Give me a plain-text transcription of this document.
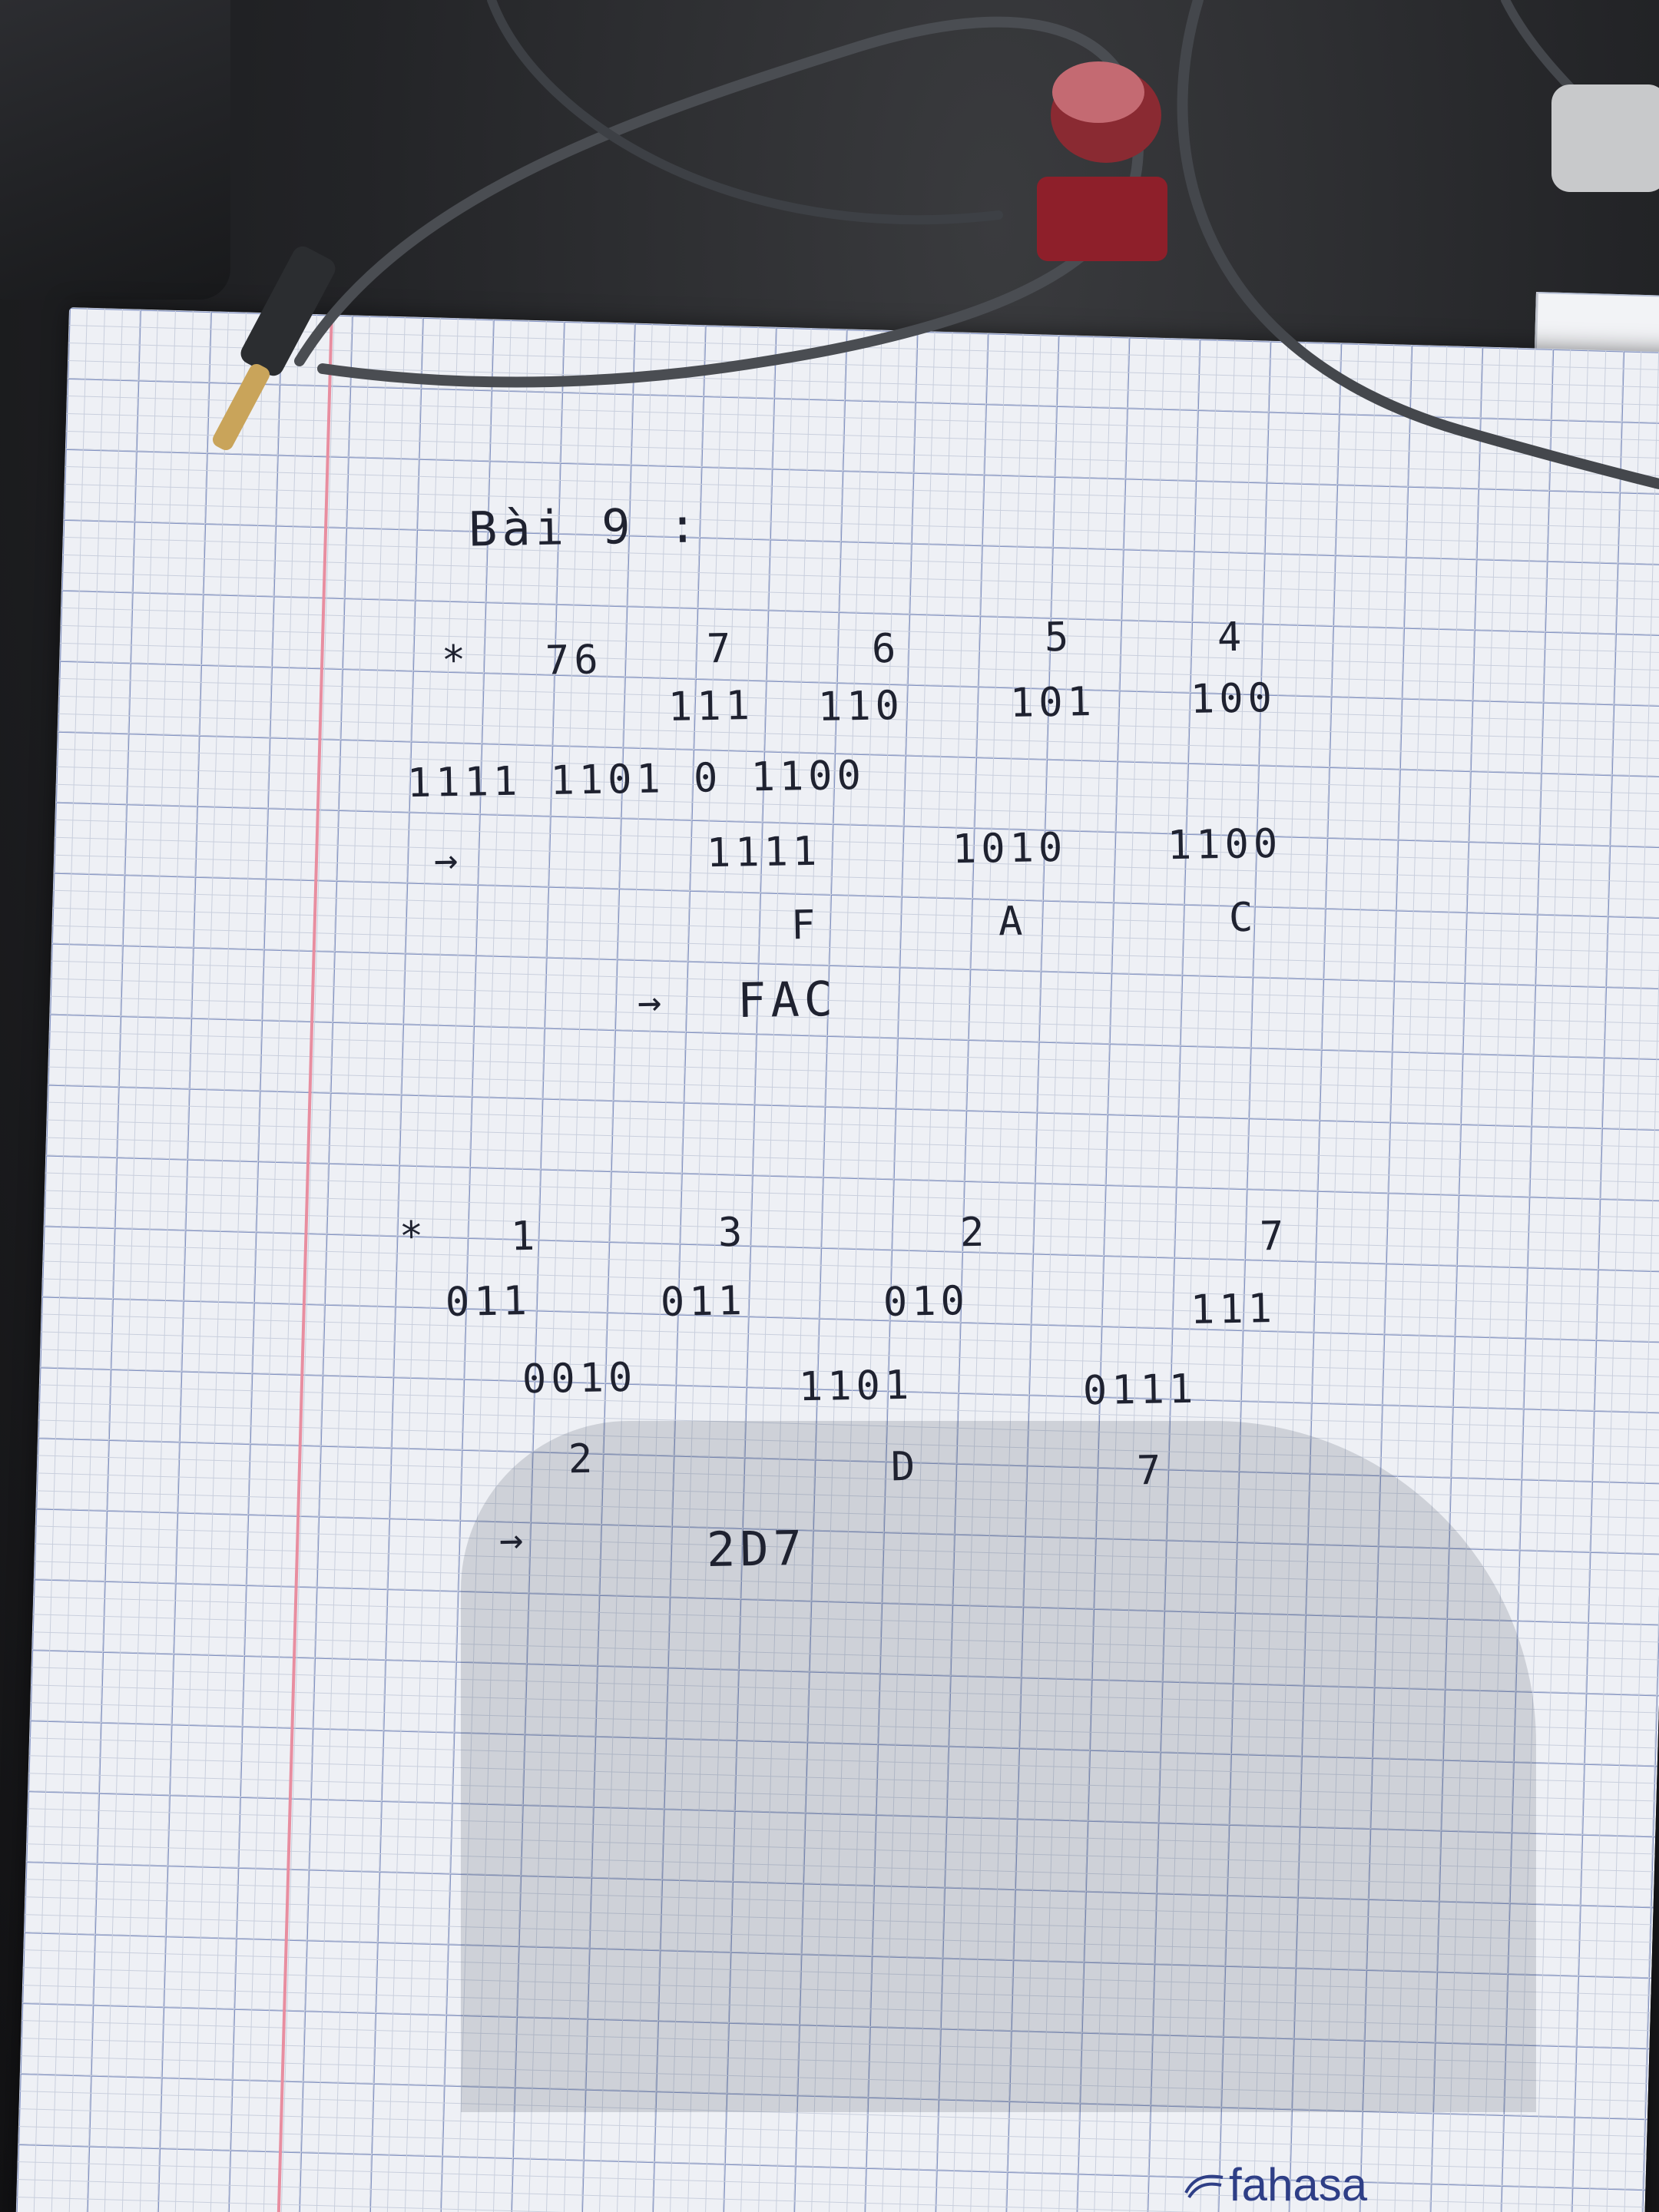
Bài 9 :
* 76	7	6	5	4
111 110	101 100
1111 1101 0 1100
→	1111	1010 1100
F	A	C
→ FAC
* 1	3	2	7
011	011	010	111
0010	1101	0111
2	D	7
→	2D7
fahasa
